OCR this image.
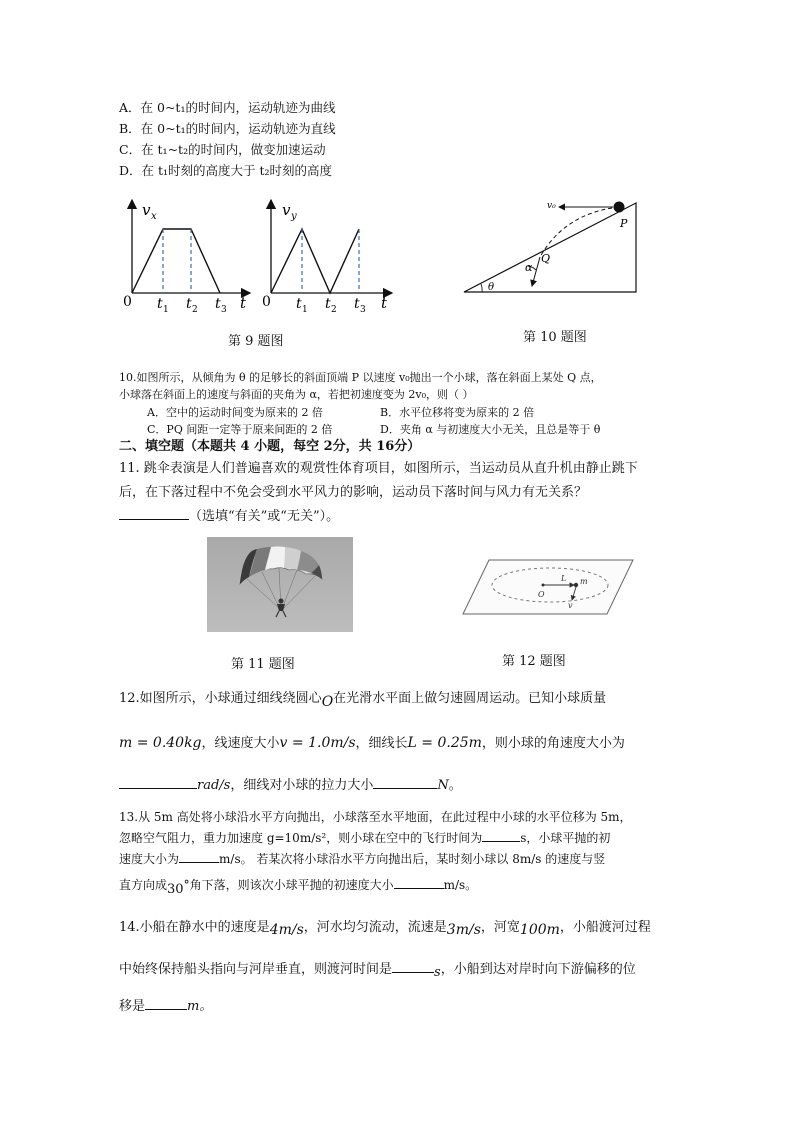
A．在 0~t₁的时间内，运动轨迹为曲线
B．在 0~t₁的时间内，运动轨迹为直线
C．在 t₁~t₂的时间内，做变加速运动
D．在 t₁时刻的高度大于 t₂时刻的高度
v x
0 t 1 t 2 t 3 t
v y
0 t 1 t 2 t 3 t
第 9 题图
v₀
P
Q
α
θ
第 10 题图
10.如图所示，从倾角为 θ 的足够长的斜面顶端 P 以速度 v₀抛出一个小球，落在斜面上某处 Q 点，
小球落在斜面上的速度与斜面的夹角为 α，若把初速度变为 2v₀，则（ ）
A．空中的运动时间变为原来的 2 倍	B．水平位移将变为原来的 2 倍
C．PQ 间距一定等于原来间距的 2 倍	D．夹角 α 与初速度大小无关，且总是等于 θ
二、填空题（本题共 4 小题，每空 2分，共 16分）
11. 跳伞表演是人们普遍喜欢的观赏性体育项目，如图所示，当运动员从直升机由静止跳下
后，在下落过程中不免会受到水平风力的影响，运动员下落时间与风力有无关系？
（选填“有关”或“无关”）。
O
L m
v
第 11 题图	第 12 题图
12.如图所示，小球通过细线绕圆心O在光滑水平面上做匀速圆周运动。已知小球质量
m = 0.40kg，线速度大小v = 1.0m/s，细线长L = 0.25m，则小球的角速度大小为
rad/s，细线对小球的拉力大小	N。
13.从 5m 高处将小球沿水平方向抛出，小球落至水平地面，在此过程中小球的水平位移为 5m，
忽略空气阻力，重力加速度 g=10m/s²，则小球在空中的飞行时间为	s，小球平抛的初
速度大小为	m/s。 若某次将小球沿水平方向抛出后，某时刻小球以 8m/s 的速度与竖
直方向成30°角下落，则该次小球平抛的初速度大小	m/s。
14.小船在静水中的速度是4m/s，河水均匀流动，流速是3m/s，河宽100m，小船渡河过程
中始终保持船头指向与河岸垂直，则渡河时间是	s，小船到达对岸时向下游偏移的位
移是	m。
